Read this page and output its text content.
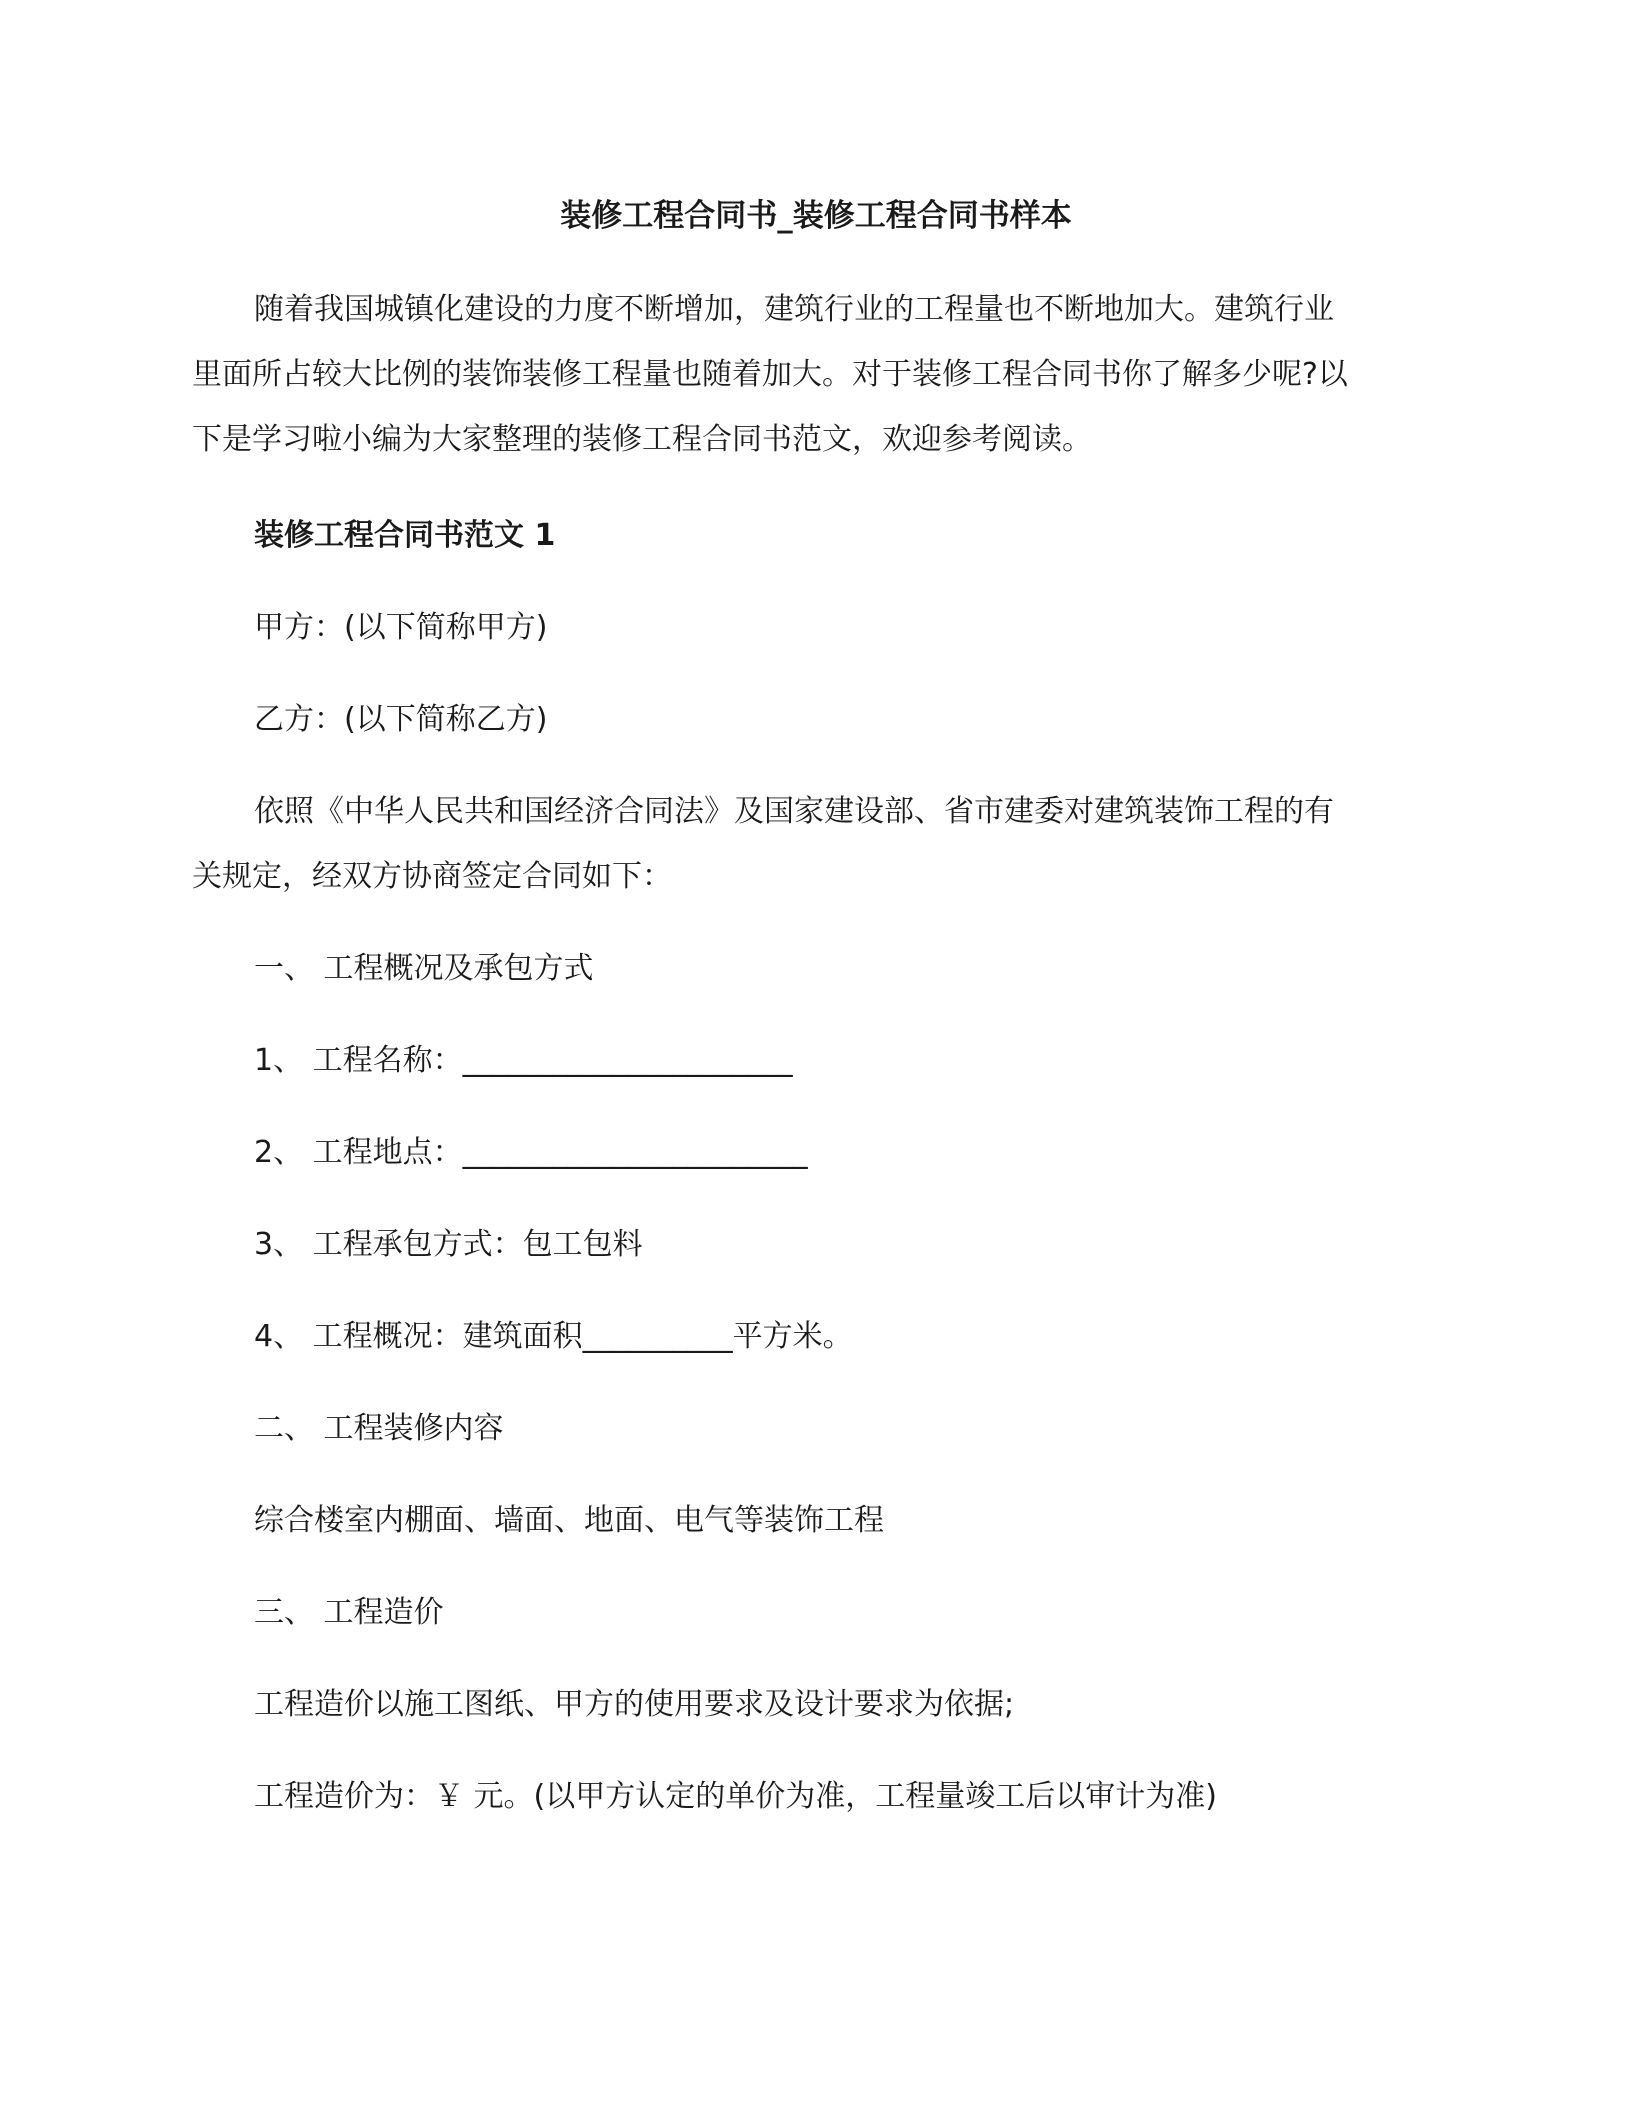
装修工程合同书_装修工程合同书样本
随着我国城镇化建设的力度不断增加，建筑行业的工程量也不断地加大。建筑行业
里面所占较大比例的装饰装修工程量也随着加大。对于装修工程合同书你了解多少呢?以
下是学习啦小编为大家整理的装修工程合同书范文，欢迎参考阅读。
装修工程合同书范文 1
甲方：(以下简称甲方)
乙方：(以下简称乙方)
依照《中华人民共和国经济合同法》及国家建设部、省市建委对建筑装饰工程的有
关规定，经双方协商签定合同如下：
一、 工程概况及承包方式
1、 工程名称：______________________
2、 工程地点：_______________________
3、 工程承包方式：包工包料
4、 工程概况：建筑面积__________平方米。
二、 工程装修内容
综合楼室内棚面、墙面、地面、电气等装饰工程
三、 工程造价
工程造价以施工图纸、甲方的使用要求及设计要求为依据;
工程造价为：￥ 元。(以甲方认定的单价为准，工程量竣工后以审计为准)
